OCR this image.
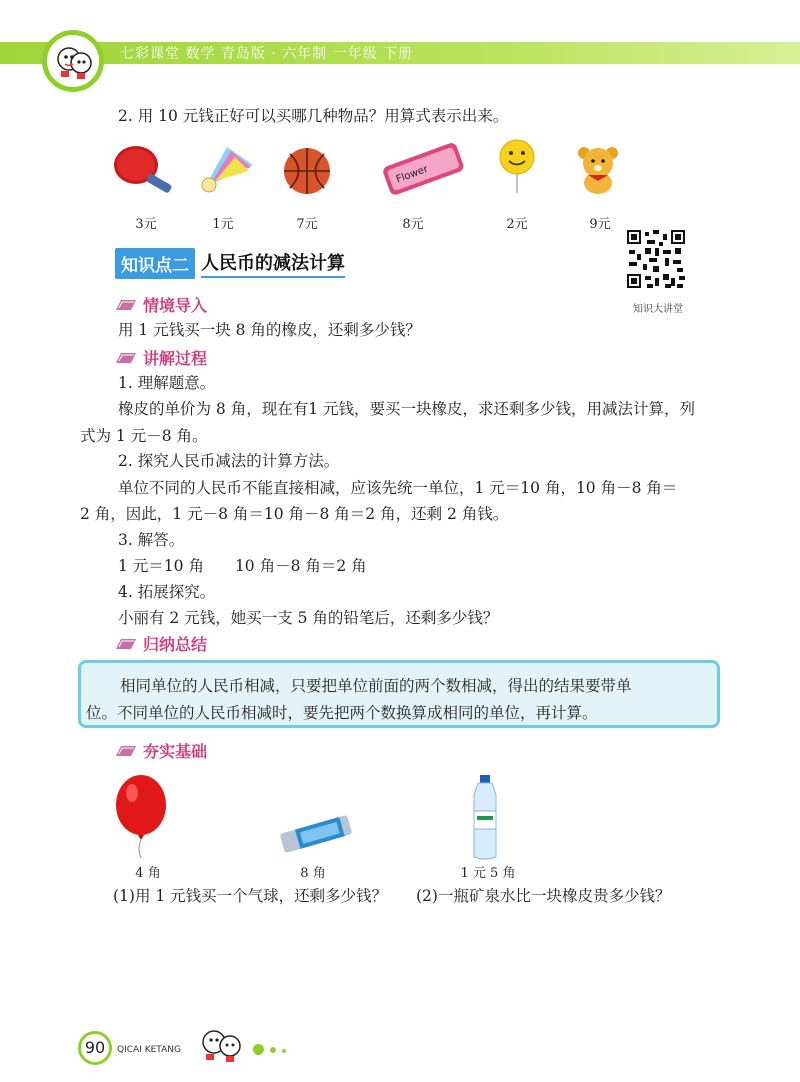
七彩课堂 数学 青岛版 · 六年制 一年级 下册
2. 用 10 元钱正好可以买哪几种物品？用算式表示出来。
Flower
3元	1元	7元	8元	2元	9元
知识点二 人民币的减法计算
知识大讲堂
情境导入
用 1 元钱买一块 8 角的橡皮，还剩多少钱？
讲解过程
1. 理解题意。
橡皮的单价为 8 角，现在有1 元钱，要买一块橡皮，求还剩多少钱，用减法计算，列
式为 1 元－8 角。
2. 探究人民币减法的计算方法。
单位不同的人民币不能直接相减，应该先统一单位，1 元＝10 角，10 角－8 角＝
2 角，因此，1 元－8 角＝10 角－8 角＝2 角，还剩 2 角钱。
3. 解答。
1 元＝10 角　　10 角－8 角＝2 角
4. 拓展探究。
小丽有 2 元钱，她买一支 5 角的铅笔后，还剩多少钱？
归纳总结
相同单位的人民币相减，只要把单位前面的两个数相减，得出的结果要带单
位。不同单位的人民币相减时，要先把两个数换算成相同的单位，再计算。
夯实基础
4 角	8 角	1 元 5 角
(1)用 1 元钱买一个气球，还剩多少钱？ (2)一瓶矿泉水比一块橡皮贵多少钱？
90	QICAI KETANG
